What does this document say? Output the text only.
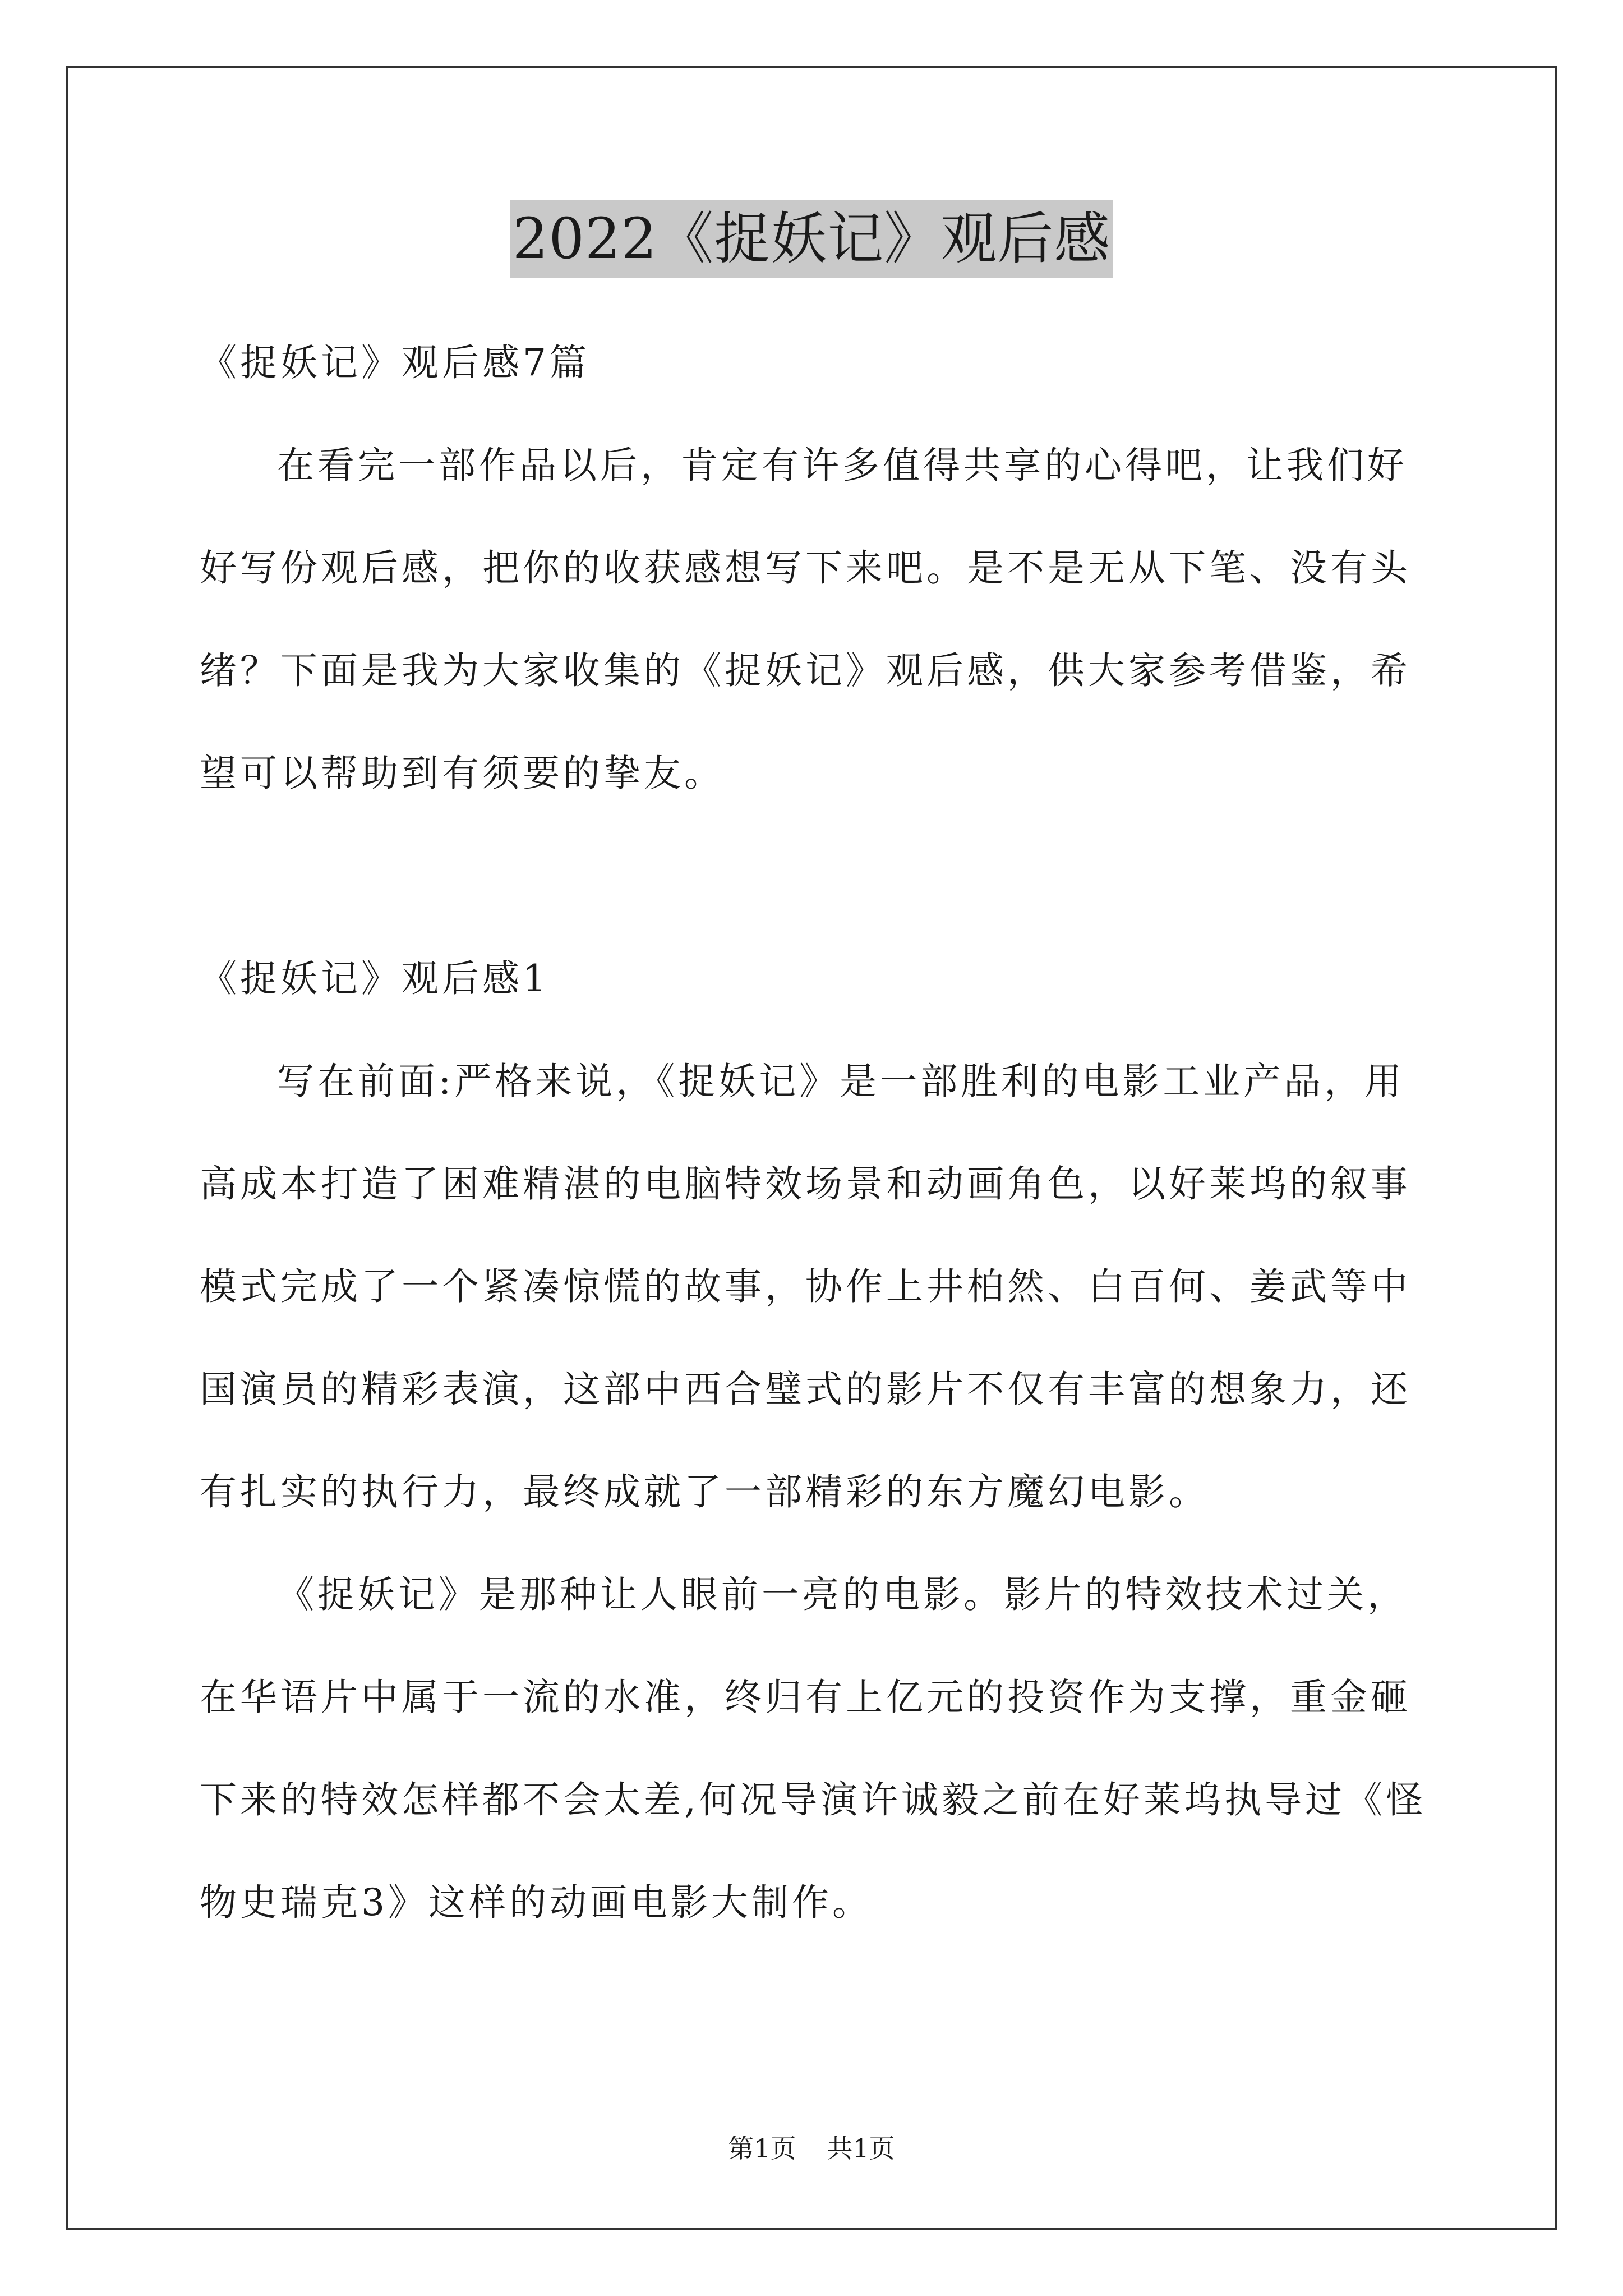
2022《捉妖记》观后感
《捉妖记》观后感7篇
在看完一部作品以后，肯定有许多值得共享的心得吧，让我们好
好写份观后感，把你的收获感想写下来吧。是不是无从下笔、没有头
绪？下面是我为大家收集的《捉妖记》观后感，供大家参考借鉴，希
望可以帮助到有须要的挚友。
《捉妖记》观后感1
写在前面:严格来说，《捉妖记》是一部胜利的电影工业产品，用
高成本打造了困难精湛的电脑特效场景和动画角色，以好莱坞的叙事
模式完成了一个紧凑惊慌的故事，协作上井柏然、白百何、姜武等中
国演员的精彩表演，这部中西合璧式的影片不仅有丰富的想象力，还
有扎实的执行力，最终成就了一部精彩的东方魔幻电影。
《捉妖记》是那种让人眼前一亮的电影。影片的特效技术过关，
在华语片中属于一流的水准，终归有上亿元的投资作为支撑，重金砸
下来的特效怎样都不会太差,何况导演许诚毅之前在好莱坞执导过《怪
物史瑞克3》这样的动画电影大制作。
第1页 共1页
